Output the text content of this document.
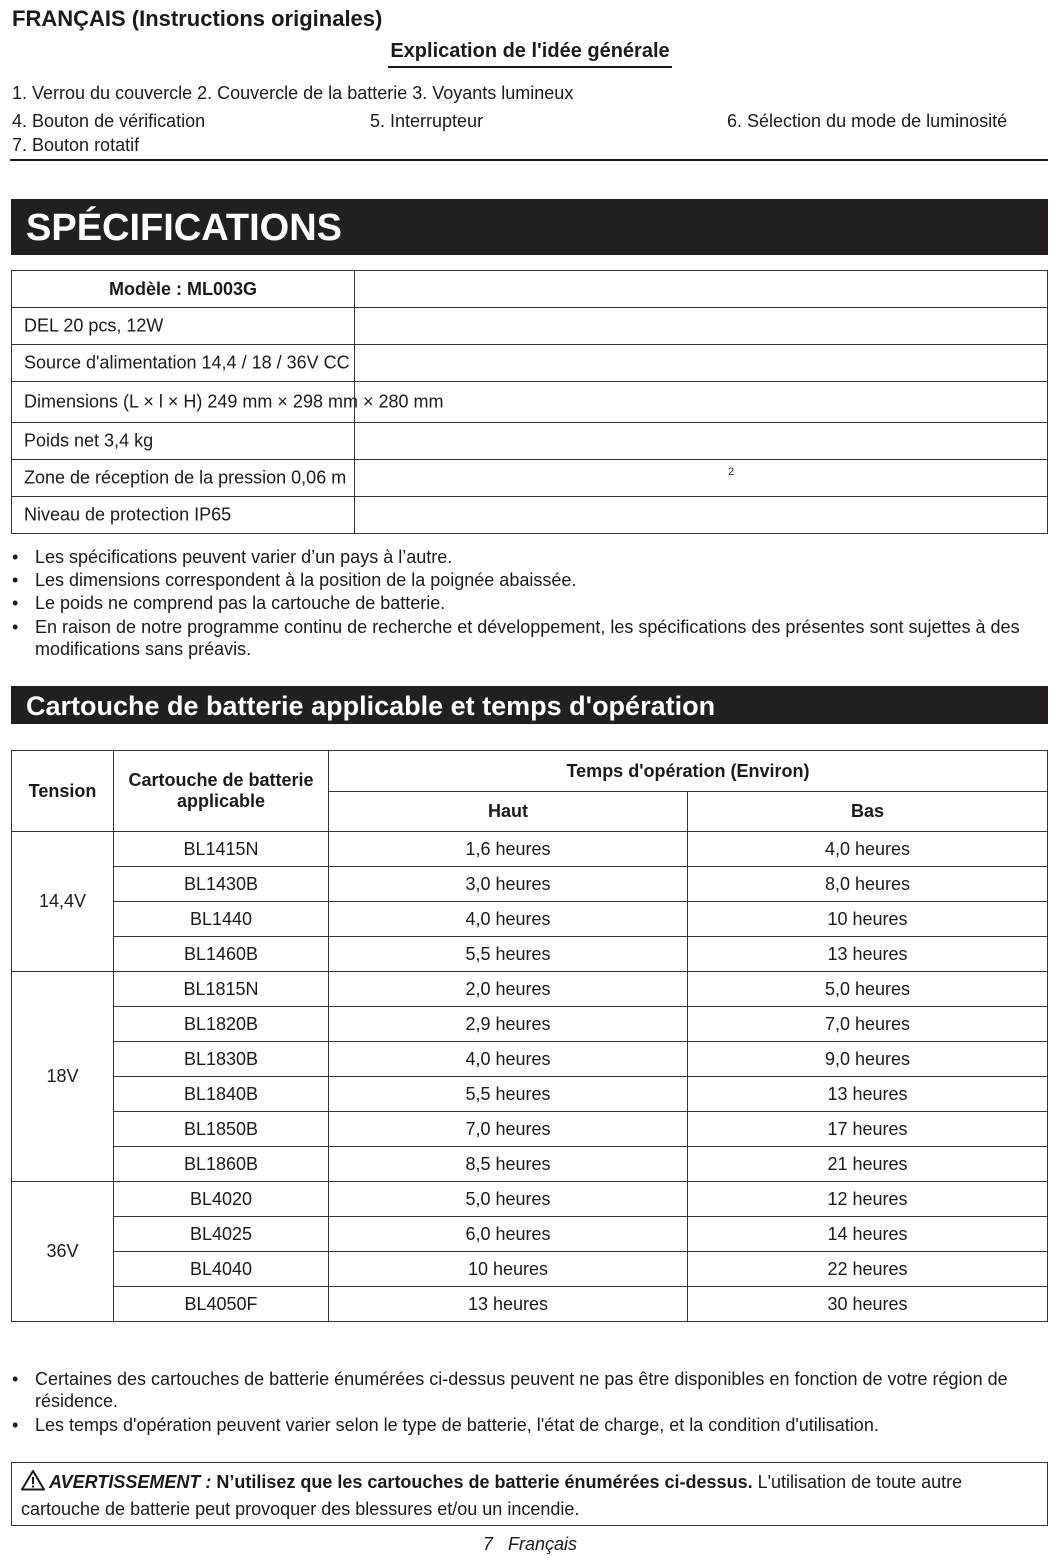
FRANÇAIS (Instructions originales)
Explication de l'idée générale
1. Verrou du couvercle 2. Couvercle de la batterie 3. Voyants lumineux
4. Bouton de vérification	5. Interrupteur	6. Sélection du mode de luminosité
7. Bouton rotatif
SPÉCIFICATIONS
Modèle : ML003G	

DEL 20 pcs, 12W	

Source d'alimentation 14,4 / 18 / 36V CC	

Dimensions (L × l × H) 249 mm × 298 mm × 280 mm	

Poids net 3,4 kg	

Zone de réception de la pression 0,06 m	

Niveau de protection IP65	

2
• Les spécifications peuvent varier d’un pays à l’autre.
• Les dimensions correspondent à la position de la poignée abaissée.
• Le poids ne comprend pas la cartouche de batterie.
• En raison de notre programme continu de recherche et développement, les spécifications des présentes sont sujettes à des modifications sans préavis.
Cartouche de batterie applicable et temps d'opération
Tension	Cartouche de batterie applicable	Temps d'opération (Environ)	
		Haut	Bas
14,4V	BL1415N	1,6 heures	4,0 heures
	BL1430B	3,0 heures	8,0 heures
	BL1440	4,0 heures	10 heures
	BL1460B	5,5 heures	13 heures
18V	BL1815N	2,0 heures	5,0 heures
	BL1820B	2,9 heures	7,0 heures
	BL1830B	4,0 heures	9,0 heures
	BL1840B	5,5 heures	13 heures
	BL1850B	7,0 heures	17 heures
	BL1860B	8,5 heures	21 heures
36V	BL4020	5,0 heures	12 heures
	BL4025	6,0 heures	14 heures
	BL4040	10 heures	22 heures
	BL4050F	13 heures	30 heures
• Certaines des cartouches de batterie énumérées ci-dessus peuvent ne pas être disponibles en fonction de votre région de résidence.
• Les temps d'opération peuvent varier selon le type de batterie, l'état de charge, et la condition d'utilisation.
AVERTISSEMENT : N’utilisez que les cartouches de batterie énumérées ci-dessus. L'utilisation de toute autre cartouche de batterie peut provoquer des blessures et/ou un incendie.
7 Français
